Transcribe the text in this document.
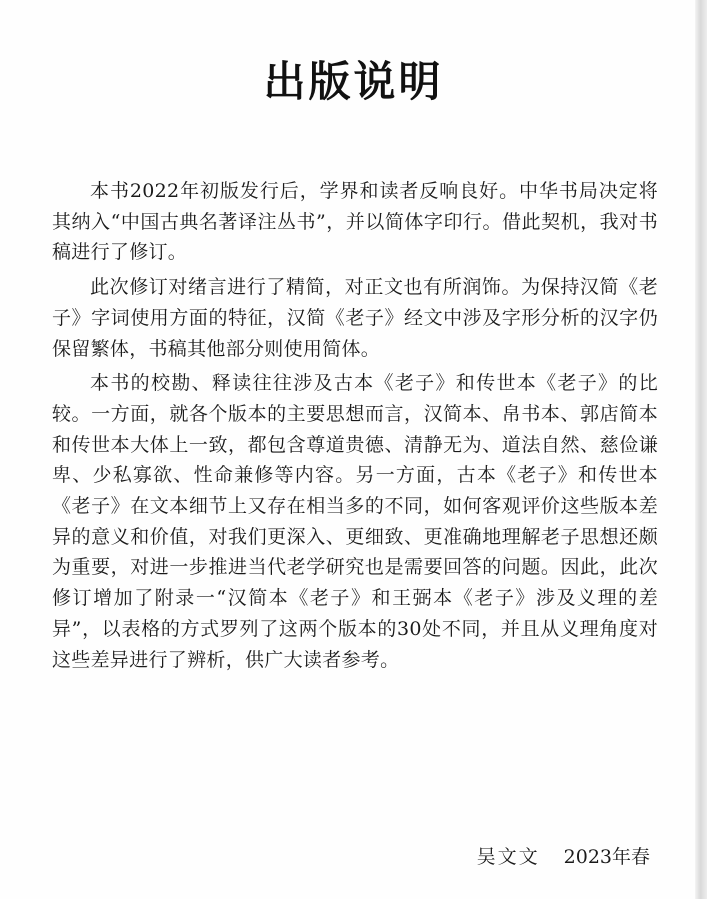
出版说明

本书2022年初版发行后，学界和读者反响良好。中华书局决定将其纳入“中国古典名著译注丛书”，并以简体字印行。借此契机，我对书稿进行了修订。

此次修订对绪言进行了精简，对正文也有所润饰。为保持汉简《老子》字词使用方面的特征，汉简《老子》经文中涉及字形分析的汉字仍保留繁体，书稿其他部分则使用简体。

本书的校勘、释读往往涉及古本《老子》和传世本《老子》的比较。一方面，就各个版本的主要思想而言，汉简本、帛书本、郭店简本和传世本大体上一致，都包含尊道贵德、清静无为、道法自然、慈俭谦卑、少私寡欲、性命兼修等内容。另一方面，古本《老子》和传世本《老子》在文本细节上又存在相当多的不同，如何客观评价这些版本差异的意义和价值，对我们更深入、更细致、更准确地理解老子思想还颇为重要，对进一步推进当代老学研究也是需要回答的问题。因此，此次修订增加了附录一“汉简本《老子》和王弼本《老子》涉及义理的差异”，以表格的方式罗列了这两个版本的30处不同，并且从义理角度对这些差异进行了辨析，供广大读者参考。

吴文文 2023年春
